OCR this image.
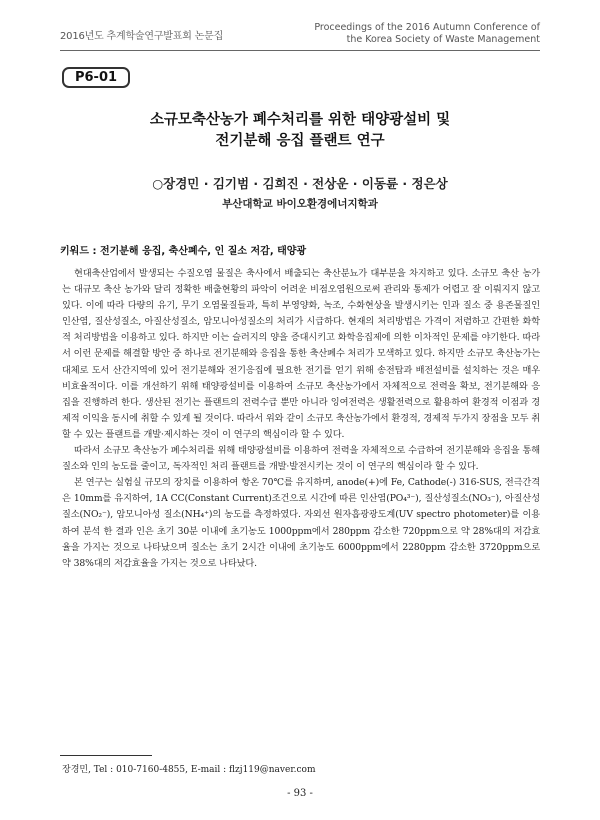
2016년도 추계학술연구발표회 논문집
Proceedings of the 2016 Autumn Conference of
the Korea Society of Waste Management
P6-01
소규모축산농가 폐수처리를 위한 태양광설비 및
전기분해 응집 플랜트 연구
○장경민 · 김기범 · 김희진 · 전상운 · 이동륜 · 정은상
부산대학교 바이오환경에너지학과
키워드 : 전기분해 응집, 축산폐수, 인 질소 저감, 태양광

현대축산업에서 발생되는 수질오염 물질은 축사에서 배출되는 축산분뇨가 대부분을 차지하고 있다. 소규모 축산 농가는 대규모 축산 농가와 달리 정확한 배출현황의 파악이 어려운 비점오염원으로써 관리와 통제가 어렵고 잘 이뤄지지 않고 있다. 이에 따라 다량의 유기, 무기 오염물질들과, 특히 부영양화, 녹조, 수화현상을 발생시키는 인과 질소 중 용존물질인 인산염, 질산성질소, 아질산성질소, 암모니아성질소의 처리가 시급하다. 현재의 처리방법은 가격이 저렴하고 간편한 화학적 처리방법을 이용하고 있다. 하지만 이는 슬러지의 양을 증대시키고 화학응집제에 의한 이차적인 문제를 야기한다. 따라서 이런 문제를 해결할 방안 중 하나로 전기분해와 응집을 통한 축산폐수 처리가 모색하고 있다. 하지만 소규모 축산농가는 대체로 도서 산간지역에 있어 전기분해와 전기응집에 필요한 전기를 얻기 위해 송전탑과 배전설비를 설치하는 것은 매우 비효율적이다. 이를 개선하기 위해 태양광설비를 이용하여 소규모 축산농가에서 자체적으로 전력을 확보, 전기분해와 응집을 진행하려 한다. 생산된 전기는 플랜트의 전력수급 뿐만 아니라 잉여전력은 생활전력으로 활용하여 환경적 이점과 경제적 이익을 동시에 취할 수 있게 될 것이다. 따라서 위와 같이 소규모 축산농가에서 환경적, 경제적 두가지 장점을 모두 취할 수 있는 플랜트를 개발·제시하는 것이 이 연구의 핵심이라 할 수 있다.

따라서 소규모 축산농가 폐수처리를 위해 태양광설비를 이용하여 전력을 자체적으로 수급하여 전기분해와 응집을 통해 질소와 인의 농도를 줄이고, 독자적인 처리 플랜트를 개발·발전시키는 것이 이 연구의 핵심이라 할 수 있다.

본 연구는 실험실 규모의 장치를 이용하여 항온 70℃를 유지하며, anode(+)에 Fe, Cathode(-) 316-SUS, 전극간격은 10mm를 유지하여, 1A CC(Constant Current)조건으로 시간에 따른 인산염(PO₄³⁻), 질산성질소(NO₃⁻), 아질산성 질소(NO₂⁻), 암모니아성 질소(NH₄⁺)의 농도를 측정하였다. 자외선 원자흡광광도계(UV spectro photometer)를 이용하여 분석 한 결과 인은 초기 30분 이내에 초기농도 1000ppm에서 280ppm 감소한 720ppm으로 약 28%대의 저감효율을 가지는 것으로 나타났으며 질소는 초기 2시간 이내에 초기농도 6000ppm에서 2280ppm 감소한 3720ppm으로 약 38%대의 저감효율을 가지는 것으로 나타났다.

장경민, Tel : 010-7160-4855, E-mail : flzj119@naver.com
- 93 -
